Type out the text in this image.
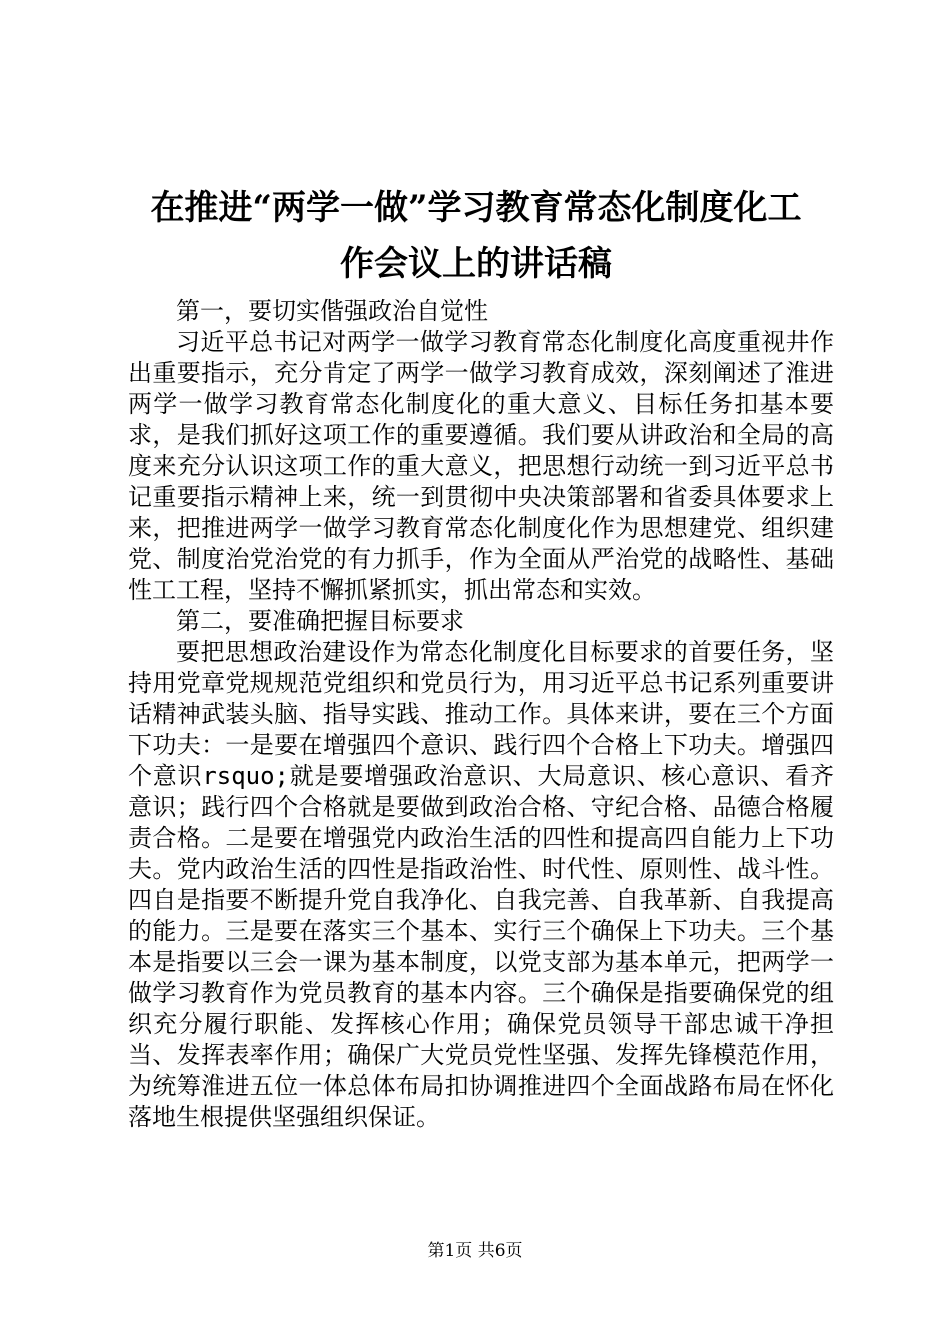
在推进“两学一做”学习教育常态化制度化工
作会议上的讲话稿

第一，要切实偕强政治自觉性

习近平总书记对两学一做学习教育常态化制度化高度重视井作出重要指示，充分肯定了两学一做学习教育成效，深刻阐述了淮进两学一做学习教育常态化制度化的重大意义、目标任务扣基本要求，是我们抓好这项工作的重要遵循。我们要从讲政治和全局的高度来充分认识这项工作的重大意义，把思想行动统一到习近平总书记重要指示精神上来，统一到贯彻中央决策部署和省委具体要求上来，把推进两学一做学习教育常态化制度化作为思想建党、组织建党、制度治党治党的有力抓手，作为全面从严治党的战略性、基础性工工程，坚持不懈抓紧抓实，抓出常态和实效。

第二，要准确把握目标要求

要把思想政治建设作为常态化制度化目标要求的首要任务，坚持用党章党规规范党组织和党员行为，用习近平总书记系列重要讲话精神武装头脑、指导实践、推动工作。具体来讲，要在三个方面下功夫：一是要在增强四个意识、践行四个合格上下功夫。增强四个意识rsquo;就是要增强政治意识、大局意识、核心意识、看齐意识；践行四个合格就是要做到政治合格、守纪合格、品德合格履责合格。二是要在增强党内政治生活的四性和提高四自能力上下功夫。党内政治生活的四性是指政治性、时代性、原则性、战斗性。四自是指要不断提升党自我净化、自我完善、自我革新、自我提高的能力。三是要在落实三个基本、实行三个确保上下功夫。三个基本是指要以三会一课为基本制度，以党支部为基本单元，把两学一做学习教育作为党员教育的基本内容。三个确保是指要确保党的组织充分履行职能、发挥核心作用；确保党员领导干部忠诚干净担当、发挥表率作用；确保广大党员党性坚强、发挥先锋模范作用，为统筹淮进五位一体总体布局扣协调推进四个全面战路布局在怀化落地生根提供坚强组织保证。

第1页 共6页
